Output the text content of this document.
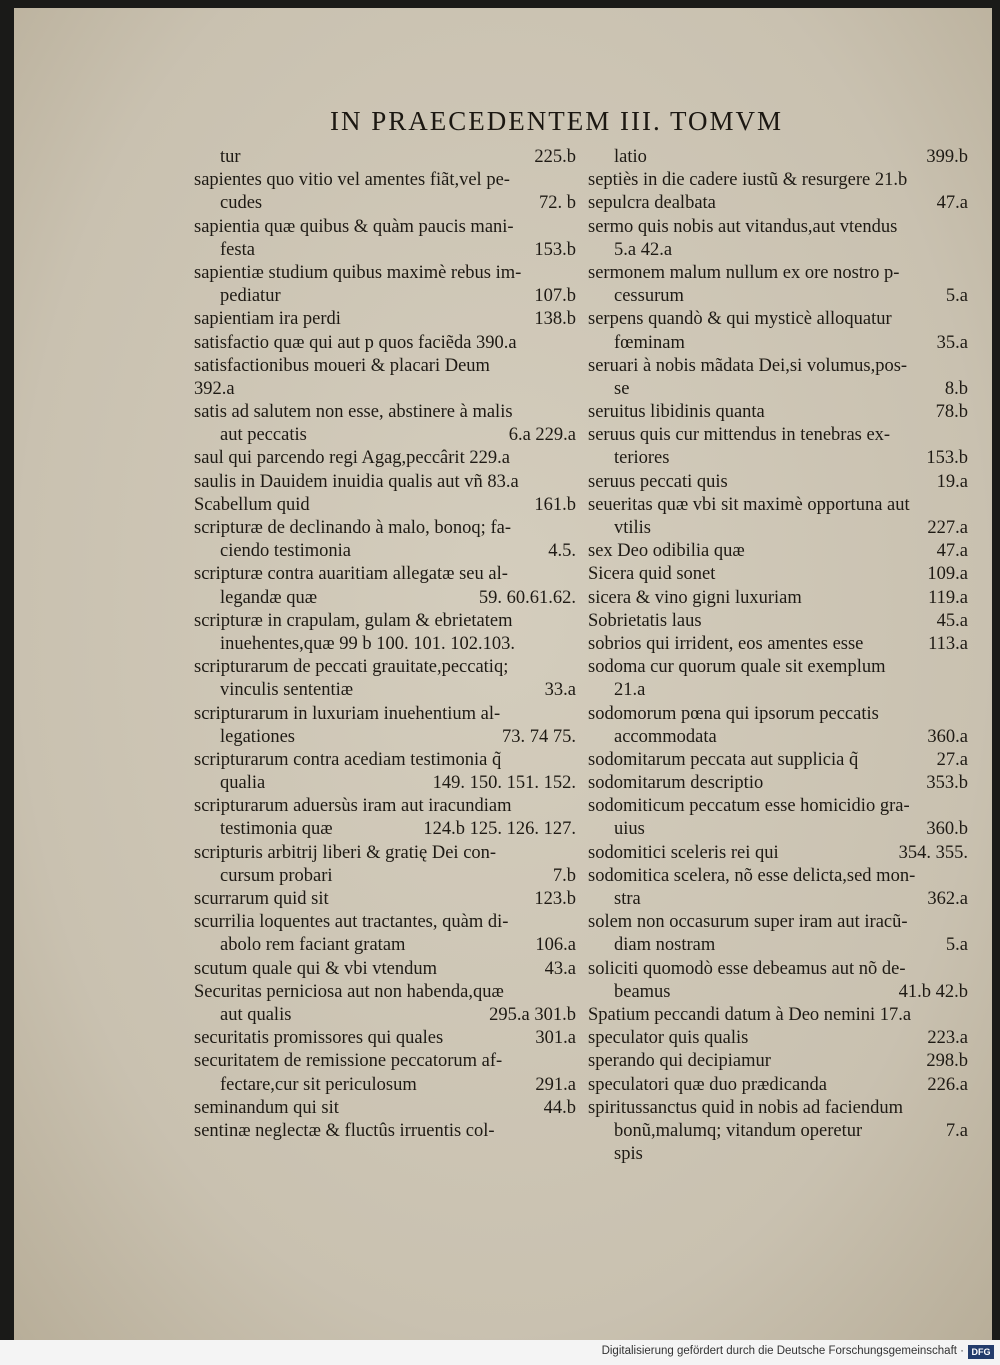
IN PRAECEDENTEM III. TOMVM
tur	225.b
sapientes quo vitio vel amentes fiãt,vel pe-
cudes	72. b
sapientia quæ quibus & quàm paucis mani-
festa	153.b
sapientiæ studium quibus maximè rebus im-
pediatur	107.b
sapientiam ira perdi	138.b
satisfactio quæ qui aut p quos faciẽda 390.a
satisfactionibus moueri & placari Deum
392.a
satis ad salutem non esse, abstinere à malis
aut peccatis	6.a 229.a
saul qui parcendo regi Agag,peccârit 229.a
saulis in Dauidem inuidia qualis aut vñ 83.a
Scabellum quid	161.b
scripturæ de declinando à malo, bonoq; fa-
ciendo testimonia	4.5.
scripturæ contra auaritiam allegatæ seu al-
legandæ quæ	59. 60.61.62.
scripturæ in crapulam, gulam & ebrietatem
inuehentes,quæ 99 b 100. 101. 102.103.
scripturarum de peccati grauitate,peccatiq;
vinculis sententiæ	33.a
scripturarum in luxuriam inuehentium al-
legationes	73. 74 75.
scripturarum contra acediam testimonia q̃
qualia	149. 150. 151. 152.
scripturarum aduersùs iram aut iracundiam
testimonia quæ	124.b 125. 126. 127.
scripturis arbitrij liberi & gratię Dei con-
cursum probari	7.b
scurrarum quid sit	123.b
scurrilia loquentes aut tractantes, quàm di-
abolo rem faciant gratam	106.a
scutum quale qui & vbi vtendum	43.a
Securitas perniciosa aut non habenda,quæ
aut qualis	295.a 301.b
securitatis promissores qui quales	301.a
securitatem de remissione peccatorum af-
fectare,cur sit periculosum	291.a
seminandum qui sit	44.b
sentinæ neglectæ & fluctûs irruentis col-
latio	399.b
septiès in die cadere iustũ & resurgere 21.b
sepulcra dealbata	47.a
sermo quis nobis aut vitandus,aut vtendus
5.a 42.a
sermonem malum nullum ex ore nostro p-
cessurum	5.a
serpens quandò & qui mysticè alloquatur
fœminam	35.a
seruari à nobis mãdata Dei,si volumus,pos-
se	8.b
seruitus libidinis quanta	78.b
seruus quis cur mittendus in tenebras ex-
teriores	153.b
seruus peccati quis	19.a
seueritas quæ vbi sit maximè opportuna aut
vtilis	227.a
sex Deo odibilia quæ	47.a
Sicera quid sonet	109.a
sicera & vino gigni luxuriam	119.a
Sobrietatis laus	45.a
sobrios qui irrident, eos amentes esse	113.a
sodoma cur quorum quale sit exemplum
21.a
sodomorum pœna qui ipsorum peccatis
accommodata	360.a
sodomitarum peccata aut supplicia q̃	27.a
sodomitarum descriptio	353.b
sodomiticum peccatum esse homicidio gra-
uius	360.b
sodomitici sceleris rei qui	354. 355.
sodomitica scelera, nõ esse delicta,sed mon-
stra	362.a
solem non occasurum super iram aut iracũ-
diam nostram	5.a
soliciti quomodò esse debeamus aut nõ de-
beamus	41.b 42.b
Spatium peccandi datum à Deo nemini 17.a
speculator quis qualis	223.a
sperando qui decipiamur	298.b
speculatori quæ duo prædicanda	226.a
spiritussanctus quid in nobis ad faciendum
bonũ,malumq; vitandum operetur	7.a
spis
Digitalisierung gefördert durch die Deutsche Forschungsgemeinschaft · DFG
